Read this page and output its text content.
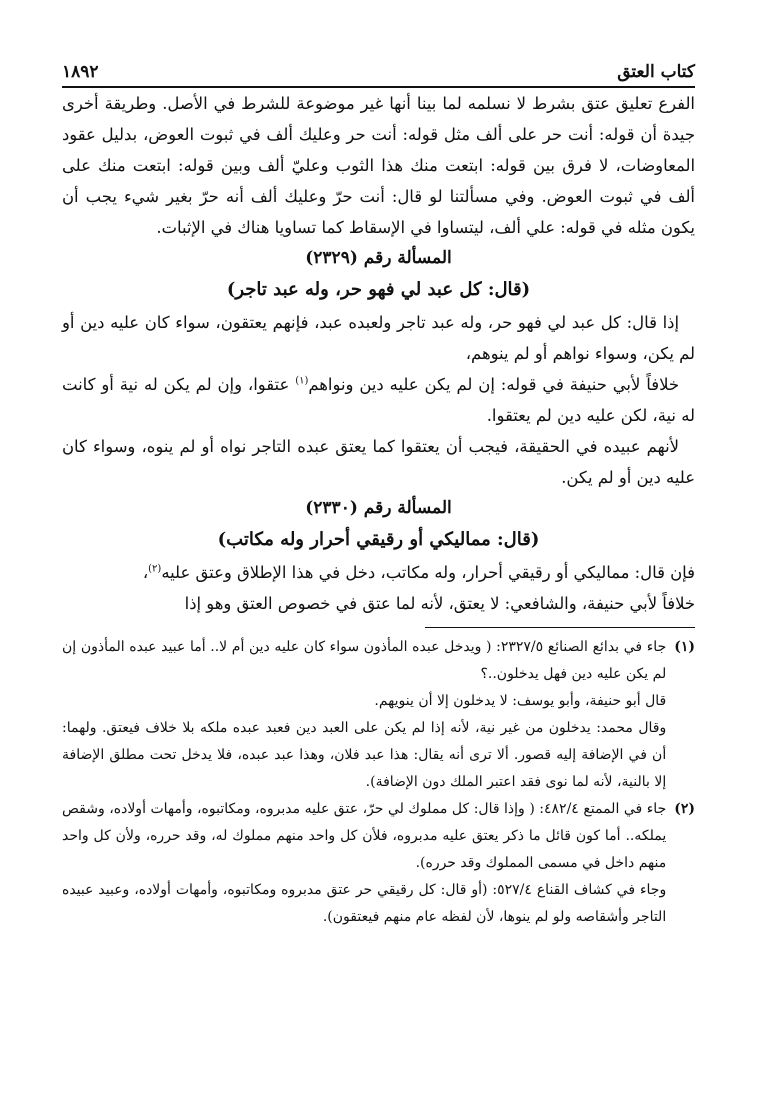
كتاب العتق
١٨٩٢

الفرع تعليق عتق بشرط لا نسلمه لما بينا أنها غير موضوعة للشرط في الأصل. وطريقة أخرى جيدة أن قوله: أنت حر على ألف مثل قوله: أنت حر وعليك ألف في ثبوت العوض، بدليل عقود المعاوضات، لا فرق بين قوله: ابتعت منك هذا الثوب وعليّ ألف وبين قوله: ابتعت منك على ألف في ثبوت العوض. وفي مسألتنا لو قال: أنت حرّ وعليك ألف أنه حرّ بغير شيء يجب أن يكون مثله في قوله: علي ألف، ليتساوا في الإسقاط كما تساويا هناك في الإثبات.

المسألة رقم (٢٣٢٩)

(قال: كل عبد لي فهو حر، وله عبد تاجر)

إذا قال: كل عبد لي فهو حر، وله عبد تاجر ولعبده عبد، فإنهم يعتقون، سواء كان عليه دين أو لم يكن، وسواء نواهم أو لم ينوهم،

خلافاً لأبي حنيفة في قوله: إن لم يكن عليه دين ونواهم$^{(١)}$ عتقوا، وإن لم يكن له نية أو كانت له نية، لكن عليه دين لم يعتقوا.

لأنهم عبيده في الحقيقة، فيجب أن يعتقوا كما يعتق عبده التاجر نواه أو لم ينوه، وسواء كان عليه دين أو لم يكن.

المسألة رقم (٢٣٣٠)

(قال: مماليكي أو رقيقي أحرار وله مكاتب)

فإن قال: مماليكي أو رقيقي أحرار، وله مكاتب، دخل في هذا الإطلاق وعتق عليه$^{(٢)}$،

خلافاً لأبي حنيفة، والشافعي: لا يعتق، لأنه لما عتق في خصوص العتق وهو إذا

(١)

جاء في بدائع الصنائع ٢٣٢٧/٥: ( ويدخل عبده المأذون سواء كان عليه دين أم لا.. أما عبيد عبده المأذون إن لم يكن عليه دين فهل يدخلون..؟

قال أبو حنيفة، وأبو يوسف: لا يدخلون إلا أن ينويهم.

وقال محمد: يدخلون من غير نية، لأنه إذا لم يكن على العبد دين فعبد عبده ملكه بلا خلاف فيعتق. ولهما: أن في الإضافة إليه قصور. ألا ترى أنه يقال: هذا عبد فلان، وهذا عبد عبده، فلا يدخل تحت مطلق الإضافة إلا بالنية، لأنه لما نوى فقد اعتبر الملك دون الإضافة).

(٢)

جاء في الممتع ٤٨٢/٤: ( وإذا قال: كل مملوك لي حرّ، عتق عليه مدبروه، ومكاتبوه، وأمهات أولاده، وشقص يملكه.. أما كون قائل ما ذكر يعتق عليه مدبروه، فلأن كل واحد منهم مملوك له، وقد حرره، ولأن كل واحد منهم داخل في مسمى المملوك وقد حرره).

وجاء في كشاف القناع ٥٢٧/٤: (أو قال: كل رقيقي حر عتق مدبروه ومكاتبوه، وأمهات أولاده، وعبيد عبيده التاجر وأشقاصه ولو لم ينوها، لأن لفظه عام منهم فيعتقون).
